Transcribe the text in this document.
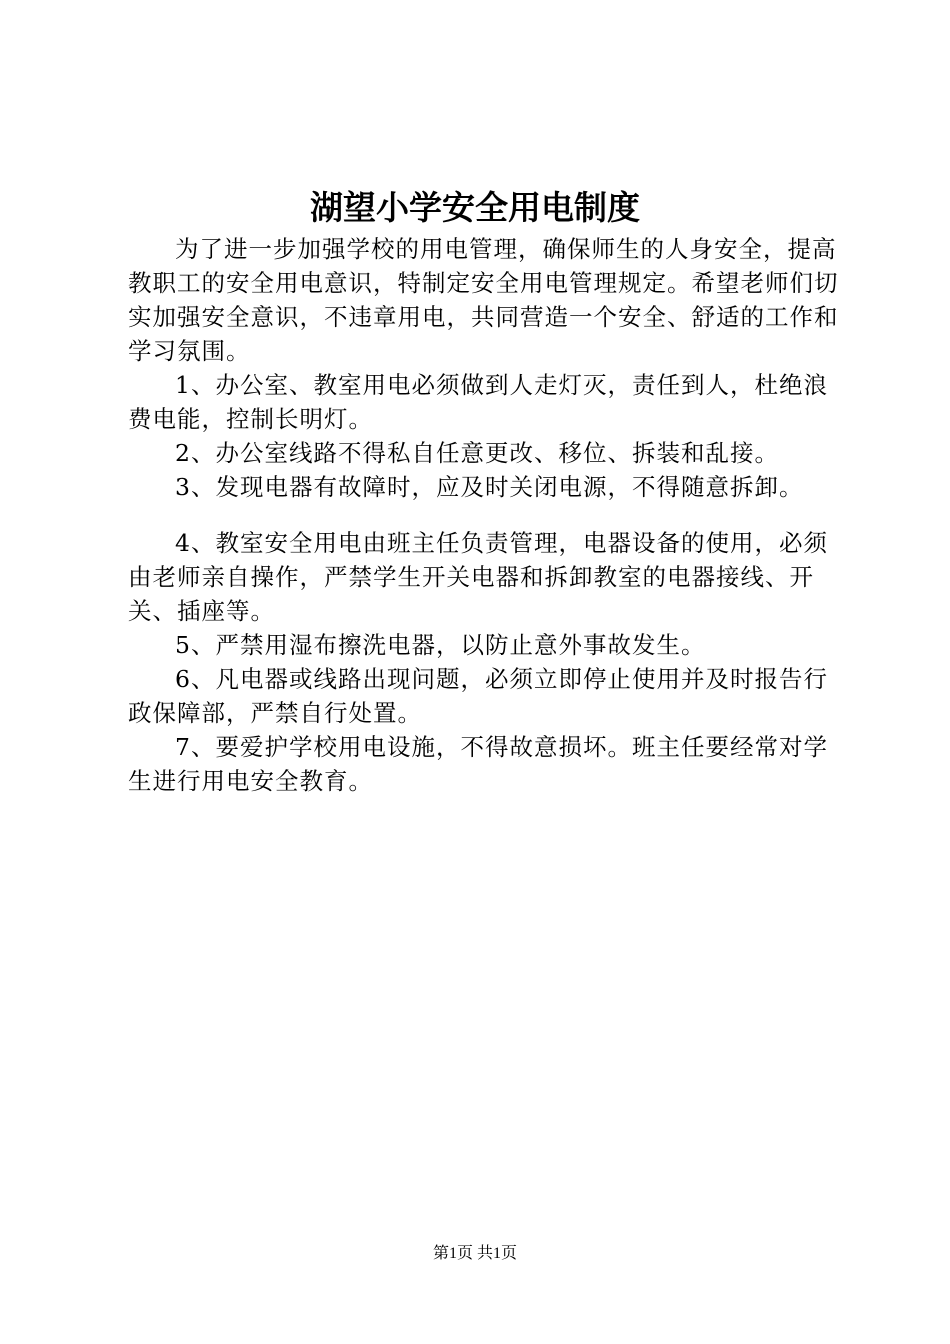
湖望小学安全用电制度

为了进一步加强学校的用电管理，确保师生的人身安全，提高教职工的安全用电意识，特制定安全用电管理规定。希望老师们切实加强安全意识，不违章用电，共同营造一个安全、舒适的工作和学习氛围。

1、办公室、教室用电必须做到人走灯灭，责任到人，杜绝浪费电能，控制长明灯。

2、办公室线路不得私自任意更改、移位、拆装和乱接。

3、发现电器有故障时，应及时关闭电源，不得随意拆卸。

4、教室安全用电由班主任负责管理，电器设备的使用，必须由老师亲自操作，严禁学生开关电器和拆卸教室的电器接线、开关、插座等。

5、严禁用湿布擦洗电器，以防止意外事故发生。

6、凡电器或线路出现问题，必须立即停止使用并及时报告行政保障部，严禁自行处置。

7、要爱护学校用电设施，不得故意损坏。班主任要经常对学生进行用电安全教育。

第1页 共1页
